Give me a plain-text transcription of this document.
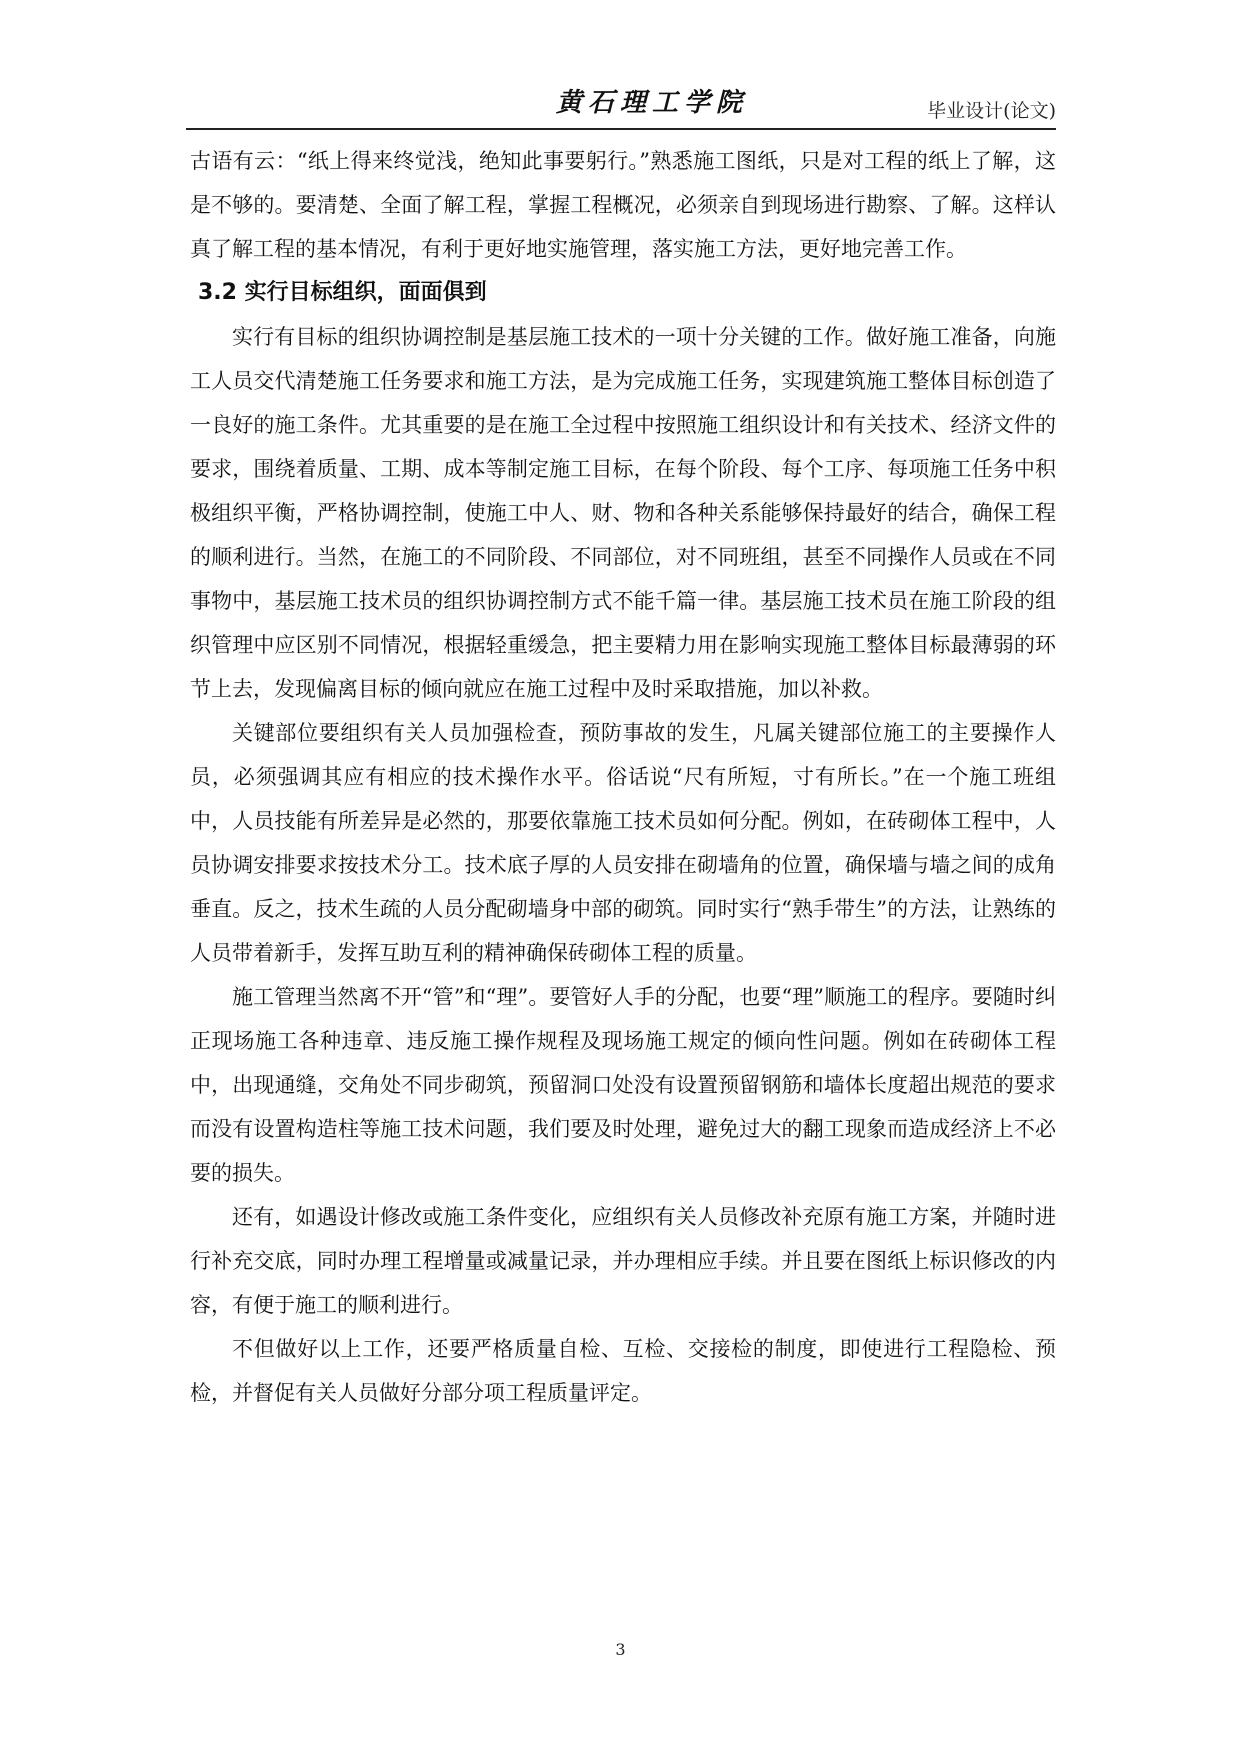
黄石理工学院	毕业设计(论文)

古语有云：“纸上得来终觉浅，绝知此事要躬行。”熟悉施工图纸，只是对工程的纸上了解，这是不够的。要清楚、全面了解工程，掌握工程概况，必须亲自到现场进行勘察、了解。这样认真了解工程的基本情况，有利于更好地实施管理，落实施工方法，更好地完善工作。

3.2 实行目标组织，面面俱到

实行有目标的组织协调控制是基层施工技术的一项十分关键的工作。做好施工准备，向施工人员交代清楚施工任务要求和施工方法，是为完成施工任务，实现建筑施工整体目标创造了一良好的施工条件。尤其重要的是在施工全过程中按照施工组织设计和有关技术、经济文件的要求，围绕着质量、工期、成本等制定施工目标，在每个阶段、每个工序、每项施工任务中积极组织平衡，严格协调控制，使施工中人、财、物和各种关系能够保持最好的结合，确保工程的顺利进行。当然，在施工的不同阶段、不同部位，对不同班组，甚至不同操作人员或在不同事物中，基层施工技术员的组织协调控制方式不能千篇一律。基层施工技术员在施工阶段的组织管理中应区别不同情况，根据轻重缓急，把主要精力用在影响实现施工整体目标最薄弱的环节上去，发现偏离目标的倾向就应在施工过程中及时采取措施，加以补救。

关键部位要组织有关人员加强检查，预防事故的发生，凡属关键部位施工的主要操作人员，必须强调其应有相应的技术操作水平。俗话说“尺有所短，寸有所长。”在一个施工班组中，人员技能有所差异是必然的，那要依靠施工技术员如何分配。例如，在砖砌体工程中，人员协调安排要求按技术分工。技术底子厚的人员安排在砌墙角的位置，确保墙与墙之间的成角垂直。反之，技术生疏的人员分配砌墙身中部的砌筑。同时实行“熟手带生”的方法，让熟练的人员带着新手，发挥互助互利的精神确保砖砌体工程的质量。

施工管理当然离不开“管”和“理”。要管好人手的分配，也要“理”顺施工的程序。要随时纠正现场施工各种违章、违反施工操作规程及现场施工规定的倾向性问题。例如在砖砌体工程中，出现通缝，交角处不同步砌筑，预留洞口处没有设置预留钢筋和墙体长度超出规范的要求而没有设置构造柱等施工技术问题，我们要及时处理，避免过大的翻工现象而造成经济上不必要的损失。

还有，如遇设计修改或施工条件变化，应组织有关人员修改补充原有施工方案，并随时进行补充交底，同时办理工程增量或减量记录，并办理相应手续。并且要在图纸上标识修改的内容，有便于施工的顺利进行。

不但做好以上工作，还要严格质量自检、互检、交接检的制度，即使进行工程隐检、预检，并督促有关人员做好分部分项工程质量评定。

3
